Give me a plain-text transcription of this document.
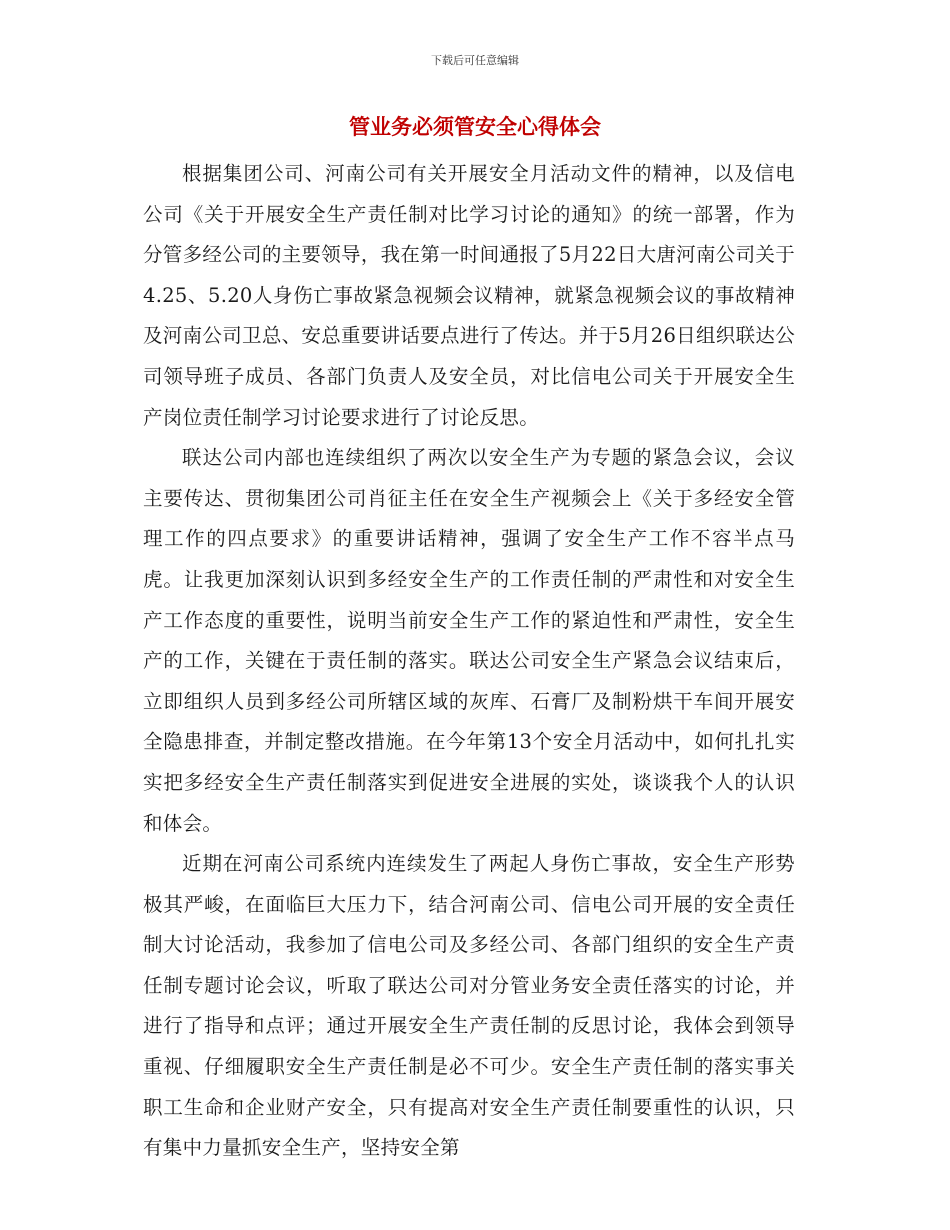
下载后可任意编辑
管业务必须管安全心得体会

根据集团公司、河南公司有关开展安全月活动文件的精神，以及信电公司《关于开展安全生产责任制对比学习讨论的通知》的统一部署，作为分管多经公司的主要领导，我在第一时间通报了5月22日大唐河南公司关于4.25、5.20人身伤亡事故紧急视频会议精神，就紧急视频会议的事故精神及河南公司卫总、安总重要讲话要点进行了传达。并于5月26日组织联达公司领导班子成员、各部门负责人及安全员，对比信电公司关于开展安全生产岗位责任制学习讨论要求进行了讨论反思。

联达公司内部也连续组织了两次以安全生产为专题的紧急会议，会议主要传达、贯彻集团公司肖征主任在安全生产视频会上《关于多经安全管理工作的四点要求》的重要讲话精神，强调了安全生产工作不容半点马虎。让我更加深刻认识到多经安全生产的工作责任制的严肃性和对安全生产工作态度的重要性，说明当前安全生产工作的紧迫性和严肃性，安全生产的工作，关键在于责任制的落实。联达公司安全生产紧急会议结束后，立即组织人员到多经公司所辖区域的灰库、石膏厂及制粉烘干车间开展安全隐患排查，并制定整改措施。在今年第13个安全月活动中，如何扎扎实实把多经安全生产责任制落实到促进安全进展的实处，谈谈我个人的认识和体会。

近期在河南公司系统内连续发生了两起人身伤亡事故，安全生产形势极其严峻，在面临巨大压力下，结合河南公司、信电公司开展的安全责任制大讨论活动，我参加了信电公司及多经公司、各部门组织的安全生产责任制专题讨论会议，听取了联达公司对分管业务安全责任落实的讨论，并进行了指导和点评；通过开展安全生产责任制的反思讨论，我体会到领导重视、仔细履职安全生产责任制是必不可少。安全生产责任制的落实事关职工生命和企业财产安全，只有提高对安全生产责任制要重性的认识，只有集中力量抓安全生产，坚持安全第
